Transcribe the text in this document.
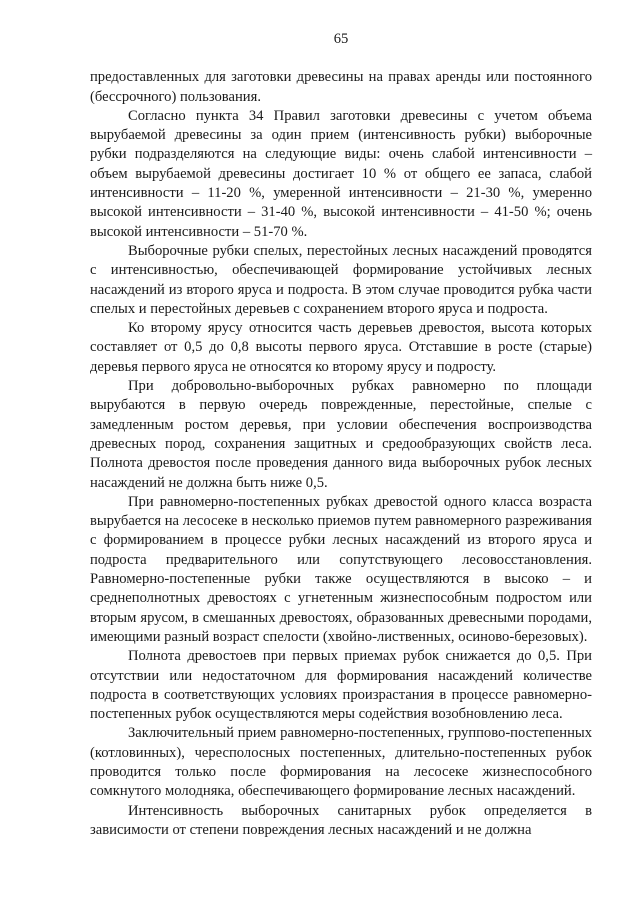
65

предоставленных для заготовки древесины на правах аренды или постоянного (бессрочного) пользования.

Согласно пункта 34 Правил заготовки древесины с учетом объема вырубаемой древесины за один прием (интенсивность рубки) выборочные рубки подразделяются на следующие виды: очень слабой интенсивности – объем вырубаемой древесины достигает 10 % от общего ее запаса, слабой интенсивности – 11-20 %, умеренной интенсивности – 21-30 %, умеренно высокой интенсивности – 31-40 %, высокой интенсивности – 41-50 %; очень высокой интенсивности – 51-70 %.

Выборочные рубки спелых, перестойных лесных насаждений проводятся с интенсивностью, обеспечивающей формирование устойчивых лесных насаждений из второго яруса и подроста. В этом случае проводится рубка части спелых и перестойных деревьев с сохранением второго яруса и подроста.

Ко второму ярусу относится часть деревьев древостоя, высота которых составляет от 0,5 до 0,8 высоты первого яруса. Отставшие в росте (старые) деревья первого яруса не относятся ко второму ярусу и подросту.

При добровольно-выборочных рубках равномерно по площади вырубаются в первую очередь поврежденные, перестойные, спелые с замедленным ростом деревья, при условии обеспечения воспроизводства древесных пород, сохранения защитных и средообразующих свойств леса. Полнота древостоя после проведения данного вида выборочных рубок лесных насаждений не должна быть ниже 0,5.

При равномерно-постепенных рубках древостой одного класса возраста вырубается на лесосеке в несколько приемов путем равномерного разреживания с формированием в процессе рубки лесных насаждений из второго яруса и подроста предварительного или сопутствующего лесовосстановления. Равномерно-постепенные рубки также осуществляются в высоко – и среднеполнотных древостоях с угнетенным жизнеспособным подростом или вторым ярусом, в смешанных древостоях, образованных древесными породами, имеющими разный возраст спелости (хвойно-лиственных, осиново-березовых).

Полнота древостоев при первых приемах рубок снижается до 0,5. При отсутствии или недостаточном для формирования насаждений количестве подроста в соответствующих условиях произрастания в процессе равномерно-постепенных рубок осуществляются меры содействия возобновлению леса.

Заключительный прием равномерно-постепенных, группово-постепенных (котловинных), чересполосных постепенных, длительно-постепенных рубок проводится только после формирования на лесосеке жизнеспособного сомкнутого молодняка, обеспечивающего формирование лесных насаждений.

Интенсивность выборочных санитарных рубок определяется в зависимости от степени повреждения лесных насаждений и не должна
